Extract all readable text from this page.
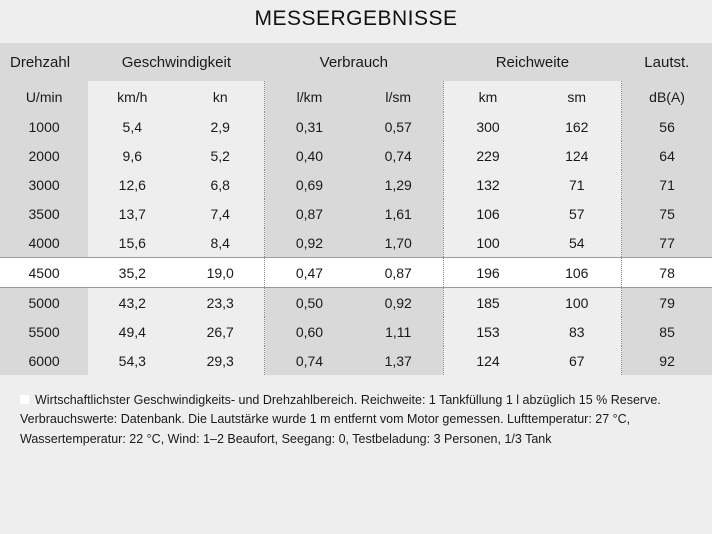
MESSERGEBNISSE
Drehzahl	Geschwindigkeit		Verbrauch		Reichweite		Lautst.
U/min	km/h	kn	l/km	l/sm	km	sm	dB(A)
1000	5,4	2,9	0,31	0,57	300	162	56
2000	9,6	5,2	0,40	0,74	229	124	64
3000	12,6	6,8	0,69	1,29	132	71	71
3500	13,7	7,4	0,87	1,61	106	57	75
4000	15,6	8,4	0,92	1,70	100	54	77
4500	35,2	19,0	0,47	0,87	196	106	78
5000	43,2	23,3	0,50	0,92	185	100	79
5500	49,4	26,7	0,60	1,11	153	83	85
6000	54,3	29,3	0,74	1,37	124	67	92

Wirtschaftlichster Geschwindigkeits- und Drehzahlbereich. Reichweite: 1 Tankfüllung 1 l abzüglich 15 % Reserve. Verbrauchswerte: Datenbank. Die Lautstärke wurde 1 m entfernt vom Motor gemessen. Lufttemperatur: 27 °C, Wassertemperatur: 22 °C, Wind: 1–2 Beaufort, Seegang: 0, Testbeladung: 3 Personen, 1/3 Tank
